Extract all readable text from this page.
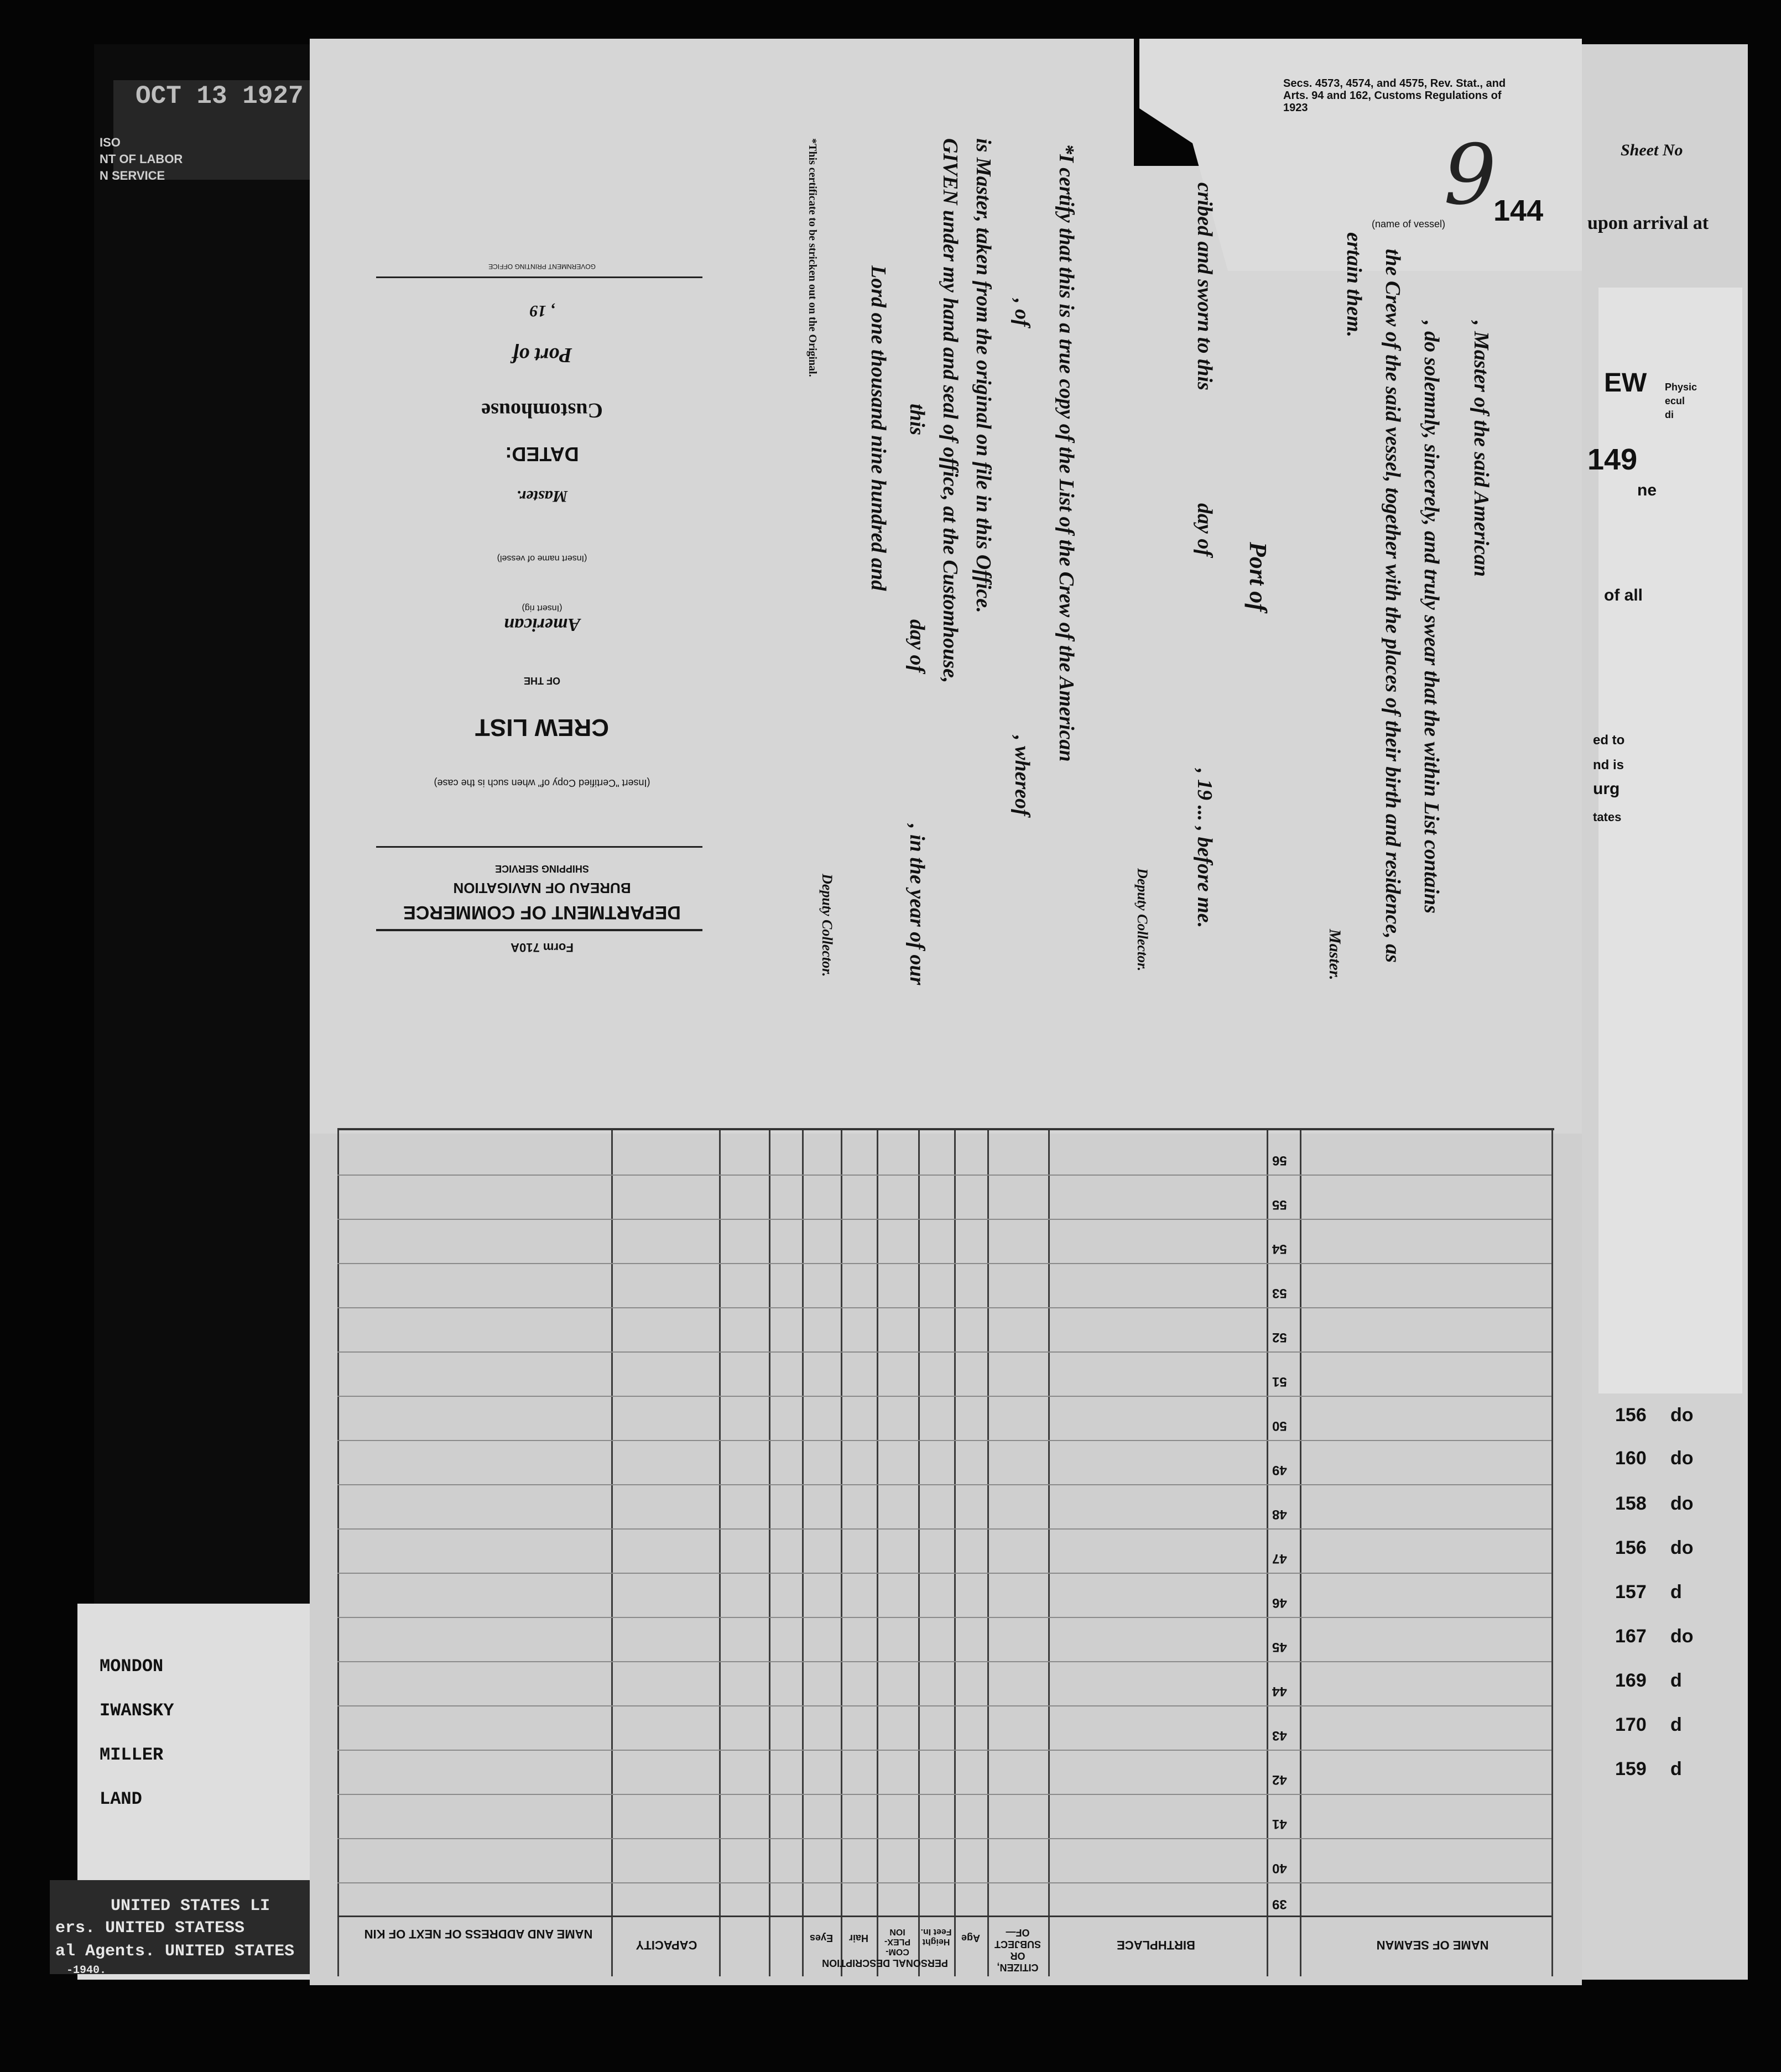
OCT 13 1927
ISO
NT OF LABOR
N SERVICE
MONDON
IWANSKY
MILLER
LAND
UNITED STATES LI
ers. UNITED STATESS
al Agents. UNITED STATES
-1940.
Sheet No
upon arrival at
EW
149
ne
of all
ed to
nd is
urg
tates
Physic
ecul
di
156 do
160 do
158 do
156 do
157 d
167 do
169 d
170 d
159 d
Secs. 4573, 4574, and 4575, Rev. Stat., and Arts. 94 and 162, Customs Regulations of 1923
9
144
(name of vessel)
, Master of the said American
, do solemnly, sincerely, and truly swear that the within List contains
the Crew of the said vessel, together with the places of their birth and residence, as
ertain them.
Master.
Port of
cribed and sworn to this
day of
, 19 ... , before me.
Deputy Collector.
*I certify that this is a true copy of the List of the Crew of the American
, of
, whereof
is Master, taken from the original on file in this Office.
GIVEN under my hand and seal of office, at the Customhouse,
this
day of
, in the year of our
Lord one thousand nine hundred and
Deputy Collector.
*This certificate to be stricken out on the Original.
Form 710A
DEPARTMENT OF COMMERCE
BUREAU OF NAVIGATION
SHIPPING SERVICE
(Insert "Certified Copy of" when such is the case)
CREW LIST
OF THE
American
(Insert rig)
(Insert name of vessel)
Master.
DATED:
Customhouse
Port of
, 19
GOVERNMENT PRINTING OFFICE
56
55
54
53
52
51
50
49
48
47
46
45
44
43
42
41
40
39
NAME OF SEAMAN
BIRTHPLACE
CITIZEN, OR SUBJECT OF—
Age
Height Feet In.
COM- PLEX- ION
Hair
Eyes
PERSONAL DESCRIPTION
CAPACITY
NAME AND ADDRESS OF NEXT OF KIN
